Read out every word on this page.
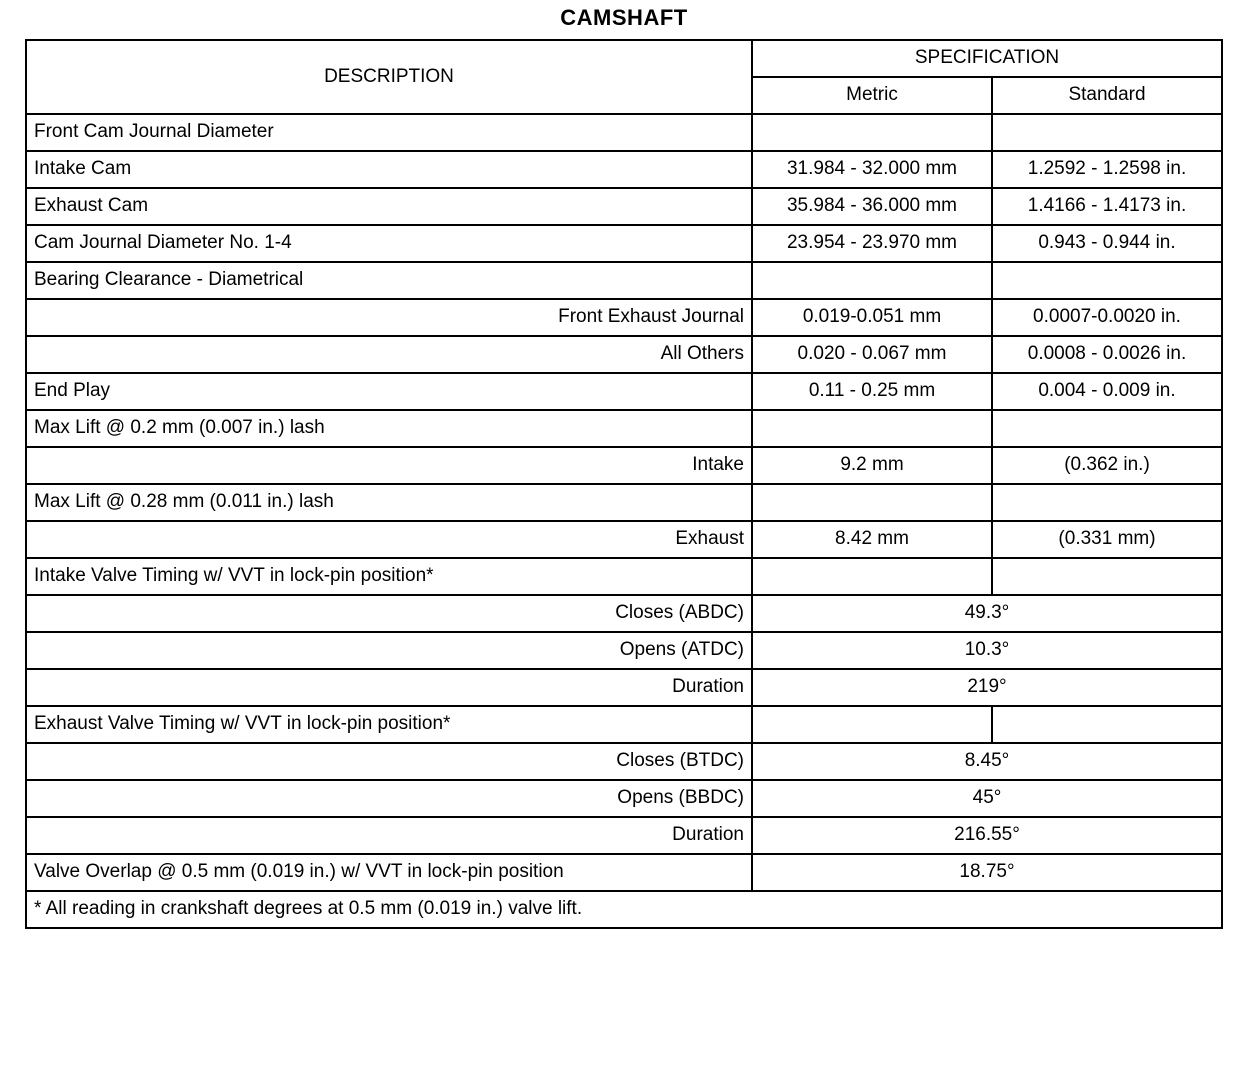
CAMSHAFT
DESCRIPTION	SPECIFICATION		
	Metric	Standard	
Front Cam Journal Diameter			
Intake Cam	31.984 - 32.000 mm	1.2592 - 1.2598 in.	
Exhaust Cam	35.984 - 36.000 mm	1.4166 - 1.4173 in.	
Cam Journal Diameter No. 1-4	23.954 - 23.970 mm	0.943 - 0.944 in.	
Bearing Clearance - Diametrical			
Front Exhaust Journal	0.019-0.051 mm	0.0007-0.0020 in.	
All Others	0.020 - 0.067 mm	0.0008 - 0.0026 in.	
End Play	0.11 - 0.25 mm	0.004 - 0.009 in.	
Max Lift @ 0.2 mm (0.007 in.) lash			
Intake	9.2 mm	(0.362 in.)	
Max Lift @ 0.28 mm (0.011 in.) lash			
Exhaust	8.42 mm	(0.331 mm)	
Intake Valve Timing w/ VVT in lock-pin position*			
Closes (ABDC)	49.3°		
Opens (ATDC)	10.3°		
Duration	219°		
Exhaust Valve Timing w/ VVT in lock-pin position*			
Closes (BTDC)	8.45°		
Opens (BBDC)	45°		
Duration	216.55°		
Valve Overlap @ 0.5 mm (0.019 in.) w/ VVT in lock-pin position	18.75°		
* All reading in crankshaft degrees at 0.5 mm (0.019 in.) valve lift.			
